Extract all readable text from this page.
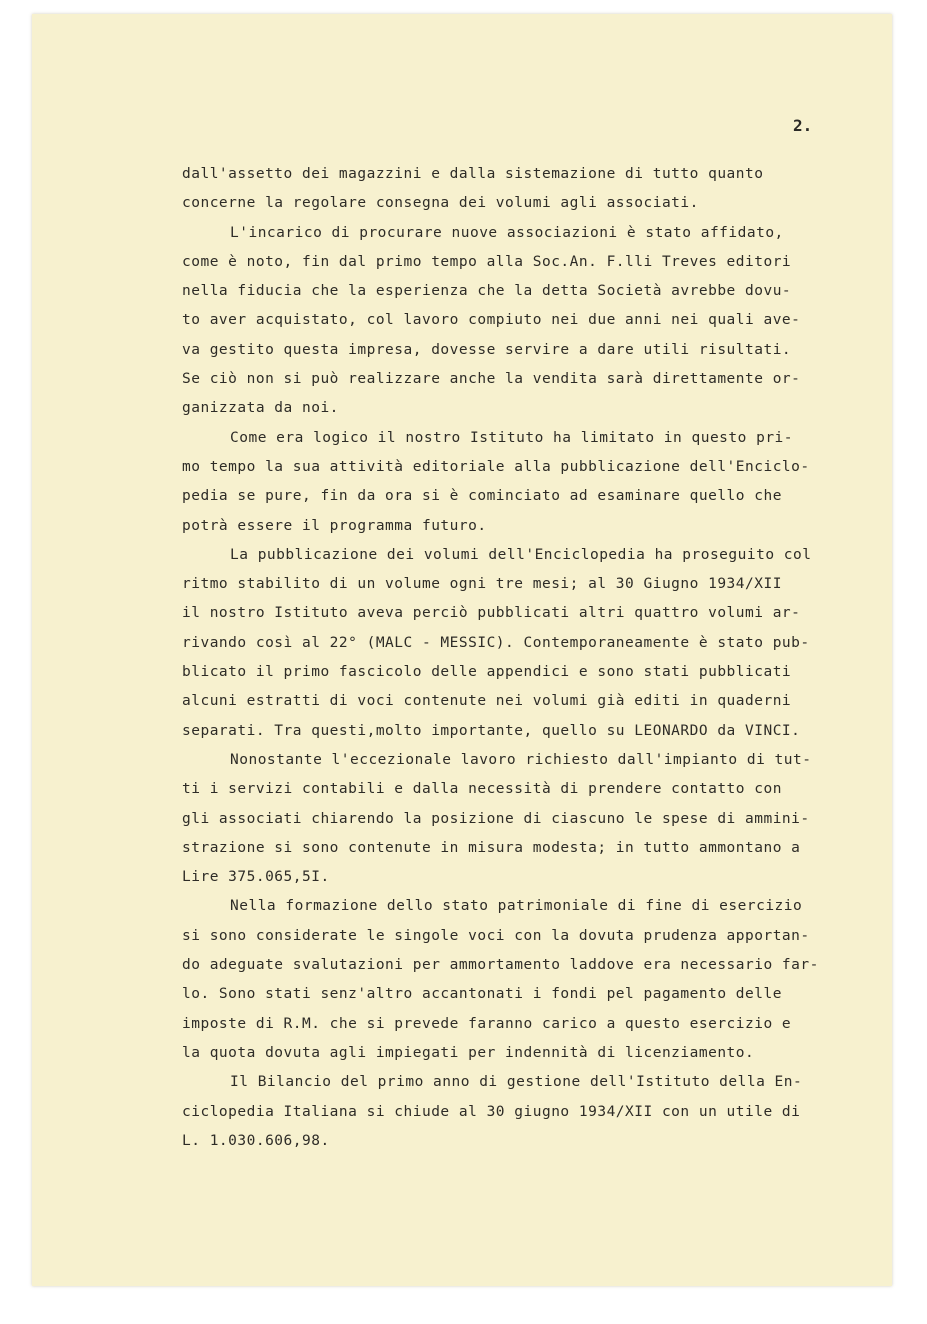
2.
dall'assetto dei magazzini e dalla sistemazione di tutto quanto
concerne la regolare consegna dei volumi agli associati.
L'incarico di procurare nuove associazioni è stato affidato,
come è noto, fin dal primo tempo alla Soc.An. F.lli Treves editori
nella fiducia che la esperienza che la detta Società avrebbe dovu-
to aver acquistato, col lavoro compiuto nei due anni nei quali ave-
va gestito questa impresa, dovesse servire a dare utili risultati.
Se ciò non si può realizzare anche la vendita sarà direttamente or-
ganizzata da noi.
Come era logico il nostro Istituto ha limitato in questo pri-
mo tempo la sua attività editoriale alla pubblicazione dell'Enciclo-
pedia se pure, fin da ora si è cominciato ad esaminare quello che
potrà essere il programma futuro.
La pubblicazione dei volumi dell'Enciclopedia ha proseguito col
ritmo stabilito di un volume ogni tre mesi; al 30 Giugno 1934/XII
il nostro Istituto aveva perciò pubblicati altri quattro volumi ar-
rivando così al 22° (MALC - MESSIC). Contemporaneamente è stato pub-
blicato il primo fascicolo delle appendici e sono stati pubblicati
alcuni estratti di voci contenute nei volumi già editi in quaderni
separati. Tra questi,molto importante, quello su LEONARDO da VINCI.
Nonostante l'eccezionale lavoro richiesto dall'impianto di tut-
ti i servizi contabili e dalla necessità di prendere contatto con
gli associati chiarendo la posizione di ciascuno le spese di ammini-
strazione si sono contenute in misura modesta; in tutto ammontano a
Lire 375.065,5I.
Nella formazione dello stato patrimoniale di fine di esercizio
si sono considerate le singole voci con la dovuta prudenza apportan-
do adeguate svalutazioni per ammortamento laddove era necessario far-
lo. Sono stati senz'altro accantonati i fondi pel pagamento delle
imposte di R.M. che si prevede faranno carico a questo esercizio e
la quota dovuta agli impiegati per indennità di licenziamento.
Il Bilancio del primo anno di gestione dell'Istituto della En-
ciclopedia Italiana si chiude al 30 giugno 1934/XII con un utile di
L. 1.030.606,98.
